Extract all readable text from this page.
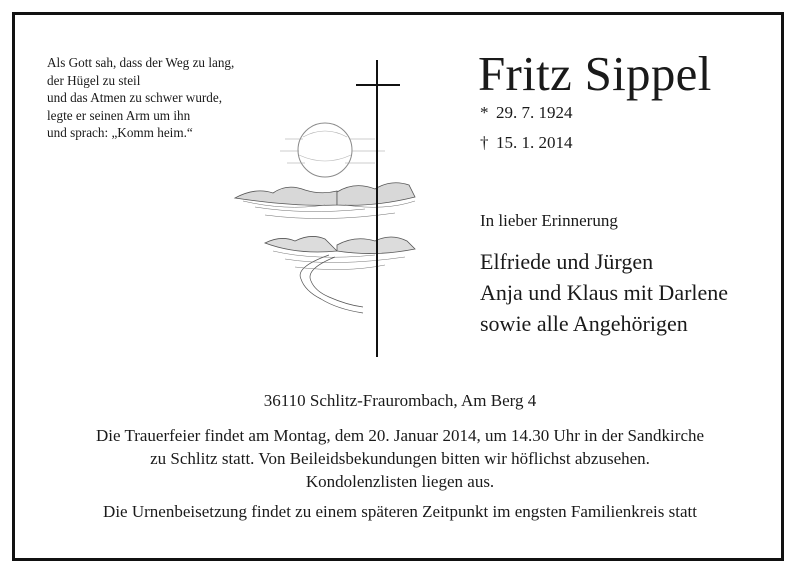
Als Gott sah, dass der Weg zu lang,
der Hügel zu steil
und das Atmen zu schwer wurde,
legte er seinen Arm um ihn
und sprach: „Komm heim.“
Fritz Sippel
* 29. 7. 1924
† 15. 1. 2014
In lieber Erinnerung
Elfriede und Jürgen
Anja und Klaus mit Darlene
sowie alle Angehörigen
36110 Schlitz-Fraurombach, Am Berg 4
Die Trauerfeier findet am Montag, dem 20. Januar 2014, um 14.30 Uhr in der Sandkirche
zu Schlitz statt. Von Beileidsbekundungen bitten wir höflichst abzusehen.
Kondolenzlisten liegen aus.
Die Urnenbeisetzung findet zu einem späteren Zeitpunkt im engsten Familienkreis statt
